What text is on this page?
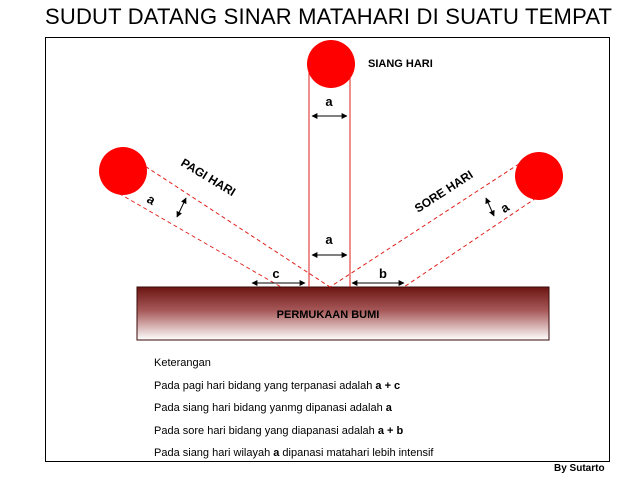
SUDUT DATANG SINAR MATAHARI DI SUATU TEMPAT
PERMUKAAN BUMI
SIANG HARI
PAGI HARI	SORE HARI
a
a
a	a
c	b
Keterangan
Pada pagi hari bidang yang terpanasi adalah a + c
Pada siang hari bidang yanmg dipanasi adalah a
Pada sore hari bidang yang diapanasi adalah a + b
Pada siang hari wilayah a dipanasi matahari lebih intensif
By Sutarto
